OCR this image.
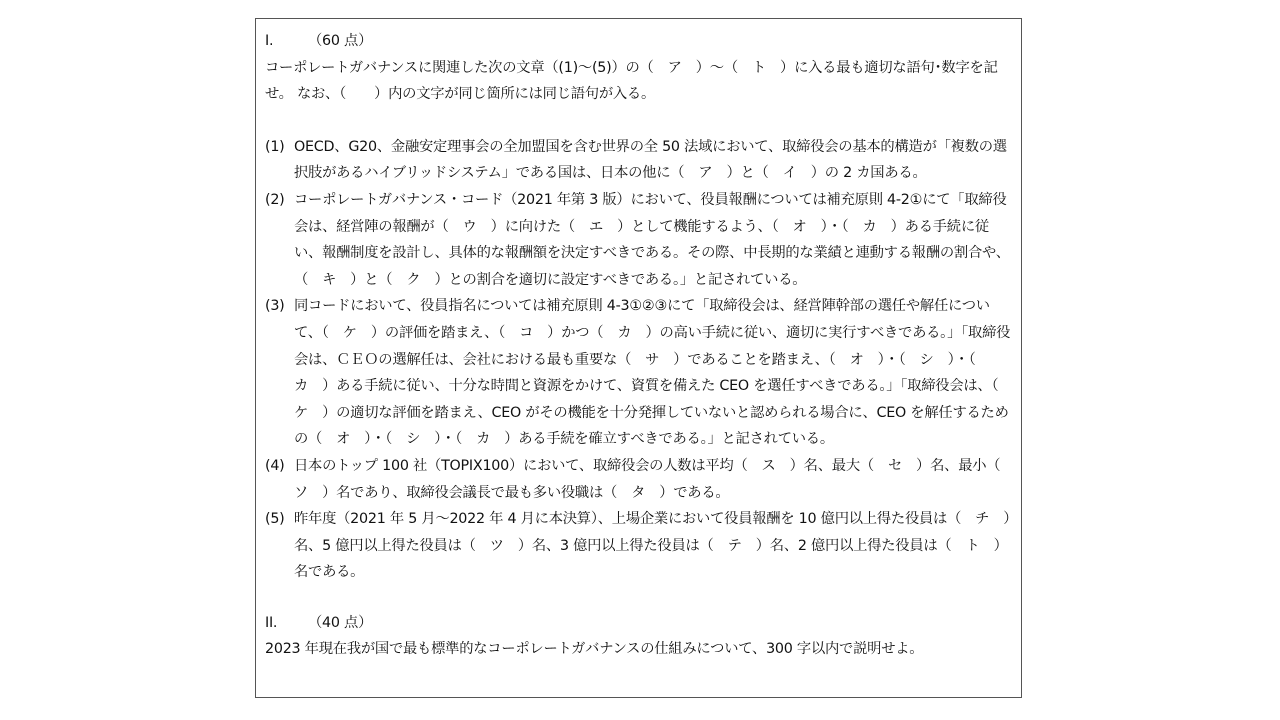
I. （60 点）

コーポレートガバナンスに関連した次の文章（(1)～(5)）の（　ア　）～（　ト　）に入る最も適切な語句･数字を記せ。 なお、（　　）内の文字が同じ箇所には同じ語句が入る。

(1) OECD、G20、金融安定理事会の全加盟国を含む世界の全 50 法域において、取締役会の基本的構造が「複数の選択肢があるハイブリッドシステム」である国は、日本の他に（　ア　）と（　イ　）の 2 カ国ある。
(2) コーポレートガバナンス・コード（2021 年第 3 版）において、役員報酬については補充原則 4-2①にて「取締役会は、経営陣の報酬が（　ウ　）に向けた（　エ　）として機能するよう、（　オ　）・（　カ　）ある手続に従い、報酬制度を設計し、具体的な報酬額を決定すべきである。その際、中長期的な業績と連動する報酬の割合や、（　キ　）と（　ク　）との割合を適切に設定すべきである。」と記されている。
(3) 同コードにおいて、役員指名については補充原則 4-3①②③にて「取締役会は、経営陣幹部の選任や解任について、（　ケ　）の評価を踏まえ、（　コ　）かつ（　カ　）の高い手続に従い、適切に実行すべきである。」「取締役会は、ＣＥＯの選解任は、会社における最も重要な（　サ　）であることを踏まえ、（　オ　）・（　シ　）・（　カ　）ある手続に従い、十分な時間と資源をかけて、資質を備えた CEO を選任すべきである。」「取締役会は、（　ケ　）の適切な評価を踏まえ、CEO がその機能を十分発揮していないと認められる場合に、CEO を解任するための（　オ　）・（　シ　）・（　カ　）ある手続を確立すべきである。」と記されている。
(4) 日本のトップ 100 社（TOPIX100）において、取締役会の人数は平均（　ス　）名、最大（　セ　）名、最小（　ソ　）名であり、取締役会議長で最も多い役職は（　タ　）である。
(5) 昨年度（2021 年 5 月～2022 年 4 月に本決算）、上場企業において役員報酬を 10 億円以上得た役員は（　チ　）名、5 億円以上得た役員は（　ツ　）名、3 億円以上得た役員は（　テ　）名、2 億円以上得た役員は（　ト　）名である。
II. （40 点）

2023 年現在我が国で最も標準的なコーポレートガバナンスの仕組みについて、300 字以内で説明せよ。
